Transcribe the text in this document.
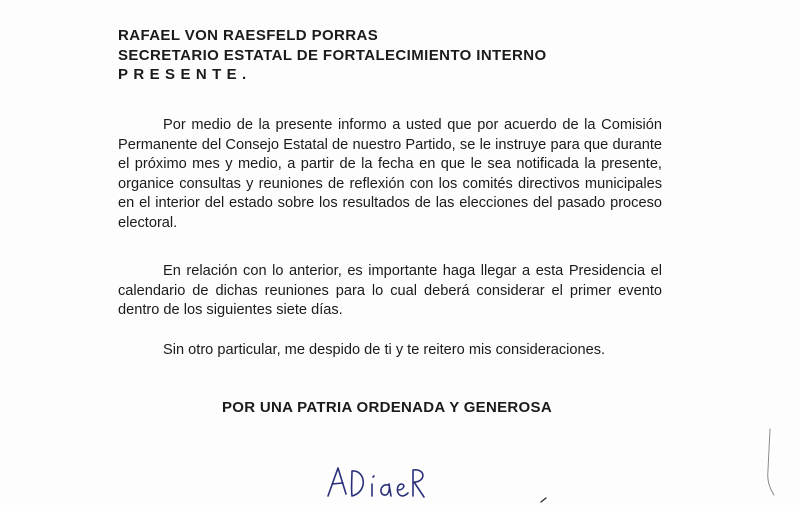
RAFAEL VON RAESFELD PORRAS
SECRETARIO ESTATAL DE FORTALECIMIENTO INTERNO
PRESENTE.
Por medio de la presente informo a usted que por acuerdo de la Comisión Permanente del Consejo Estatal de nuestro Partido, se le instruye para que durante el próximo mes y medio, a partir de la fecha en que le sea notificada la presente, organice consultas y reuniones de reflexión con los comités directivos municipales en el interior del estado sobre los resultados de las elecciones del pasado proceso electoral.
En relación con lo anterior, es importante haga llegar a esta Presidencia el calendario de dichas reuniones para lo cual deberá considerar el primer evento dentro de los siguientes siete días.
Sin otro particular, me despido de ti y te reitero mis consideraciones.
POR UNA PATRIA ORDENADA Y GENEROSA
